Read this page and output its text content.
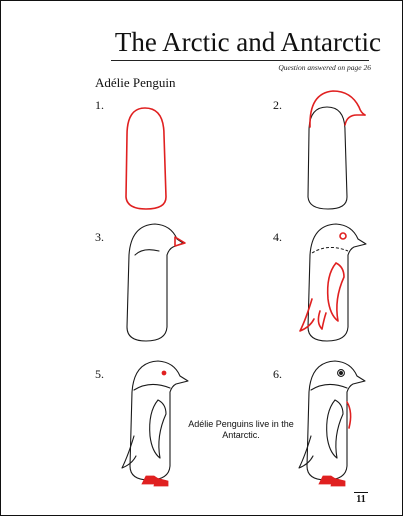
The Arctic and Antarctic
Question answered on page 26
Adélie Penguin
1.	2.
3.	4.
5.	6.
Adélie Penguins live in the Antarctic.
11
